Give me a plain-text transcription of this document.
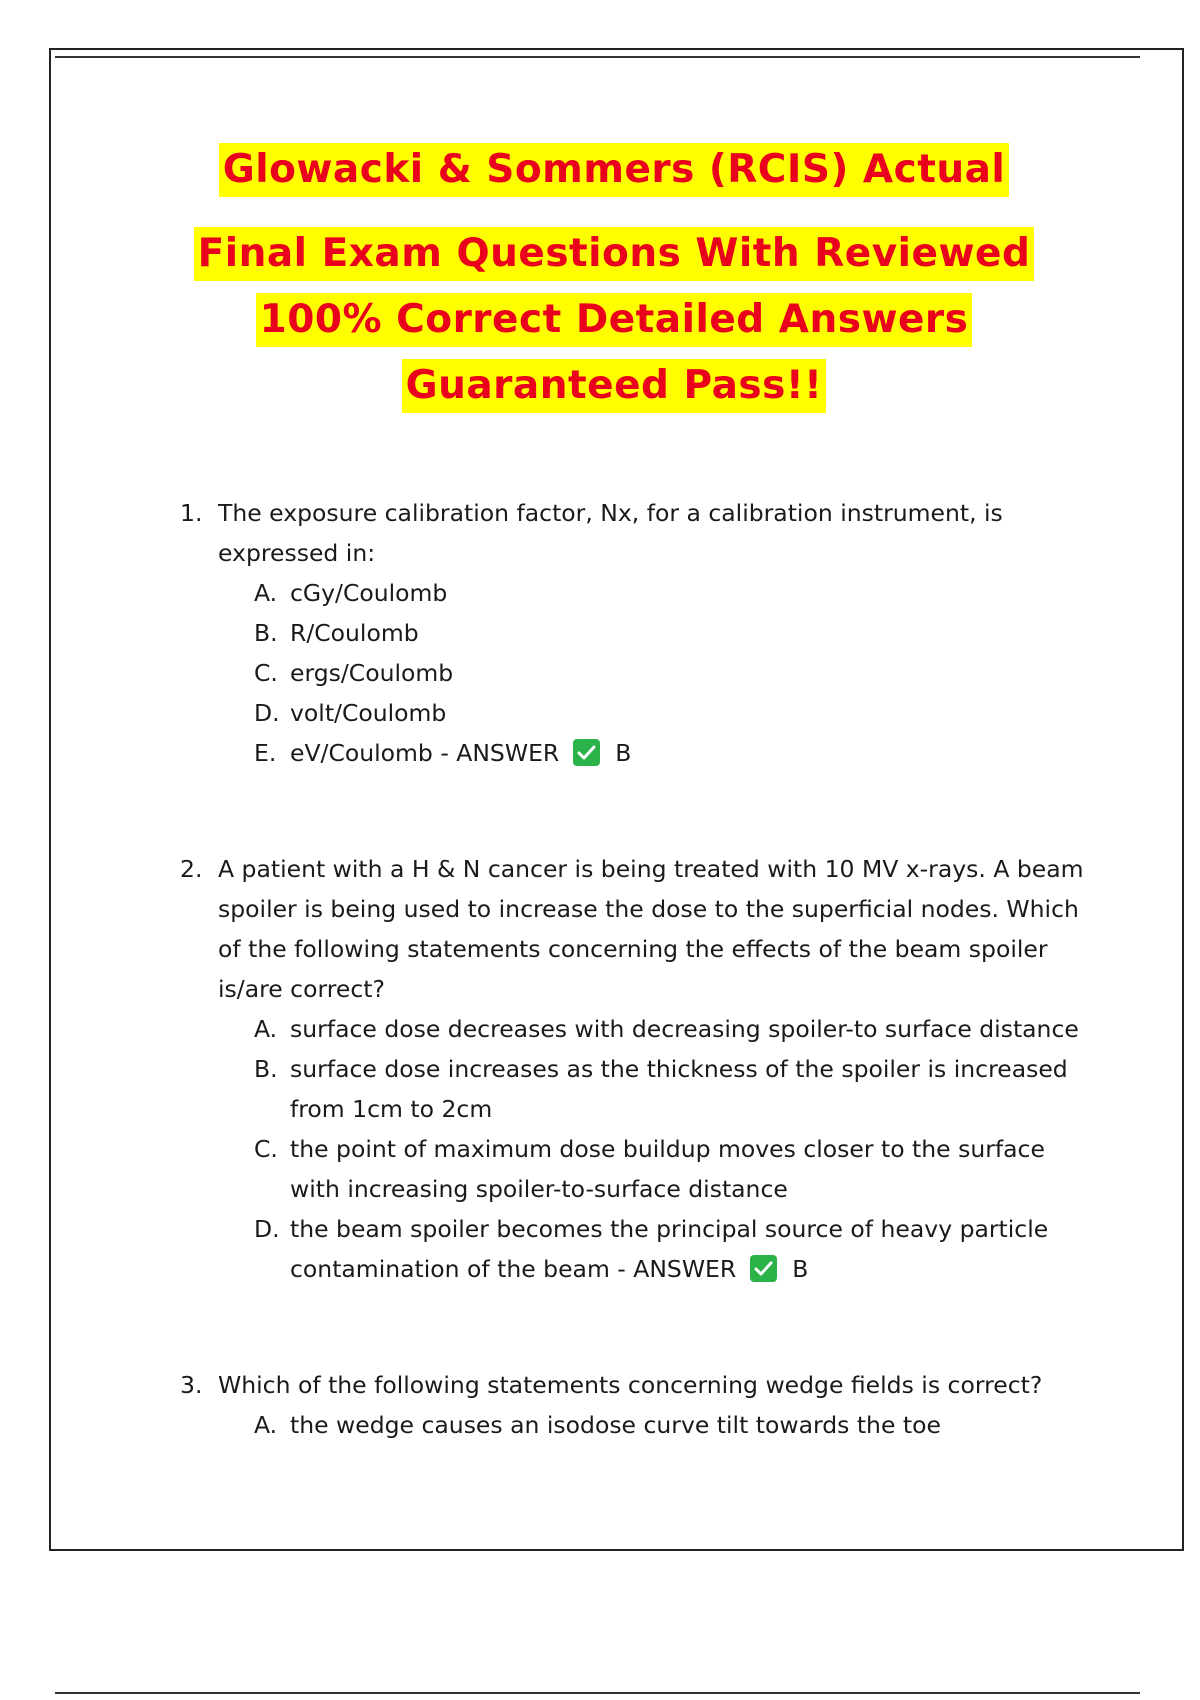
Glowacki & Sommers (RCIS) Actual
Final Exam Questions With Reviewed
100% Correct Detailed Answers
Guaranteed Pass!!
1. The exposure calibration factor, Nx, for a calibration instrument, is expressed in:
A. cGy/Coulomb
B. R/Coulomb
C. ergs/Coulomb
D. volt/Coulomb
E. eV/Coulomb - ANSWER B
2. A patient with a H & N cancer is being treated with 10 MV x-rays. A beam spoiler is being used to increase the dose to the superficial nodes. Which of the following statements concerning the effects of the beam spoiler is/are correct?
A. surface dose decreases with decreasing spoiler-to surface distance
B. surface dose increases as the thickness of the spoiler is increased from 1cm to 2cm
C. the point of maximum dose buildup moves closer to the surface with increasing spoiler-to-surface distance
D. the beam spoiler becomes the principal source of heavy particle contamination of the beam - ANSWER B
3. Which of the following statements concerning wedge fields is correct?
A. the wedge causes an isodose curve tilt towards the toe
